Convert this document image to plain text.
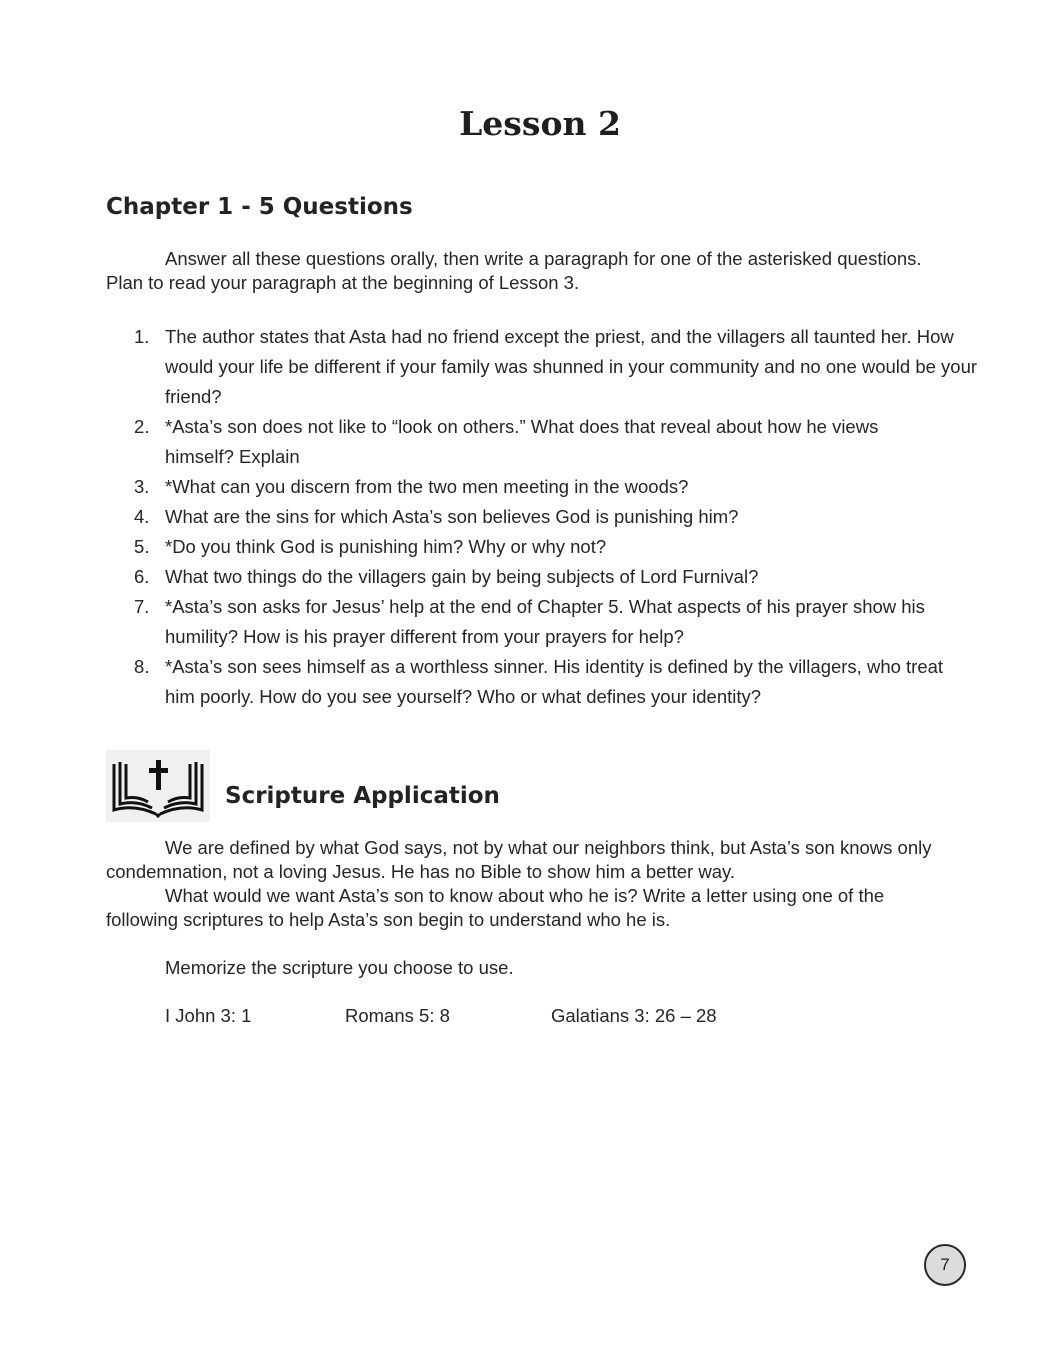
Lesson 2
Chapter 1 - 5 Questions

Answer all these questions orally, then write a paragraph for one of the asterisked questions. Plan to read your paragraph at the beginning of Lesson 3.

1. The author states that Asta had no friend except the priest, and the villagers all taunted her. How would your life be different if your family was shunned in your community and no one would be your friend?
2. *Asta’s son does not like to “look on others.” What does that reveal about how he views himself? Explain
3. *What can you discern from the two men meeting in the woods?
4. What are the sins for which Asta’s son believes God is punishing him?
5. *Do you think God is punishing him? Why or why not?
6. What two things do the villagers gain by being subjects of Lord Furnival?
7. *Asta’s son asks for Jesus’ help at the end of Chapter 5. What aspects of his prayer show his humility? How is his prayer different from your prayers for help?
8. *Asta’s son sees himself as a worthless sinner. His identity is defined by the villagers, who treat him poorly. How do you see yourself? Who or what defines your identity?
Scripture Application

We are defined by what God says, not by what our neighbors think, but Asta’s son knows only condemnation, not a loving Jesus. He has no Bible to show him a better way.

What would we want Asta’s son to know about who he is? Write a letter using one of the following scriptures to help Asta’s son begin to understand who he is.

Memorize the scripture you choose to use.

I John 3: 1	Romans 5: 8	Galatians 3: 26 – 28
7
